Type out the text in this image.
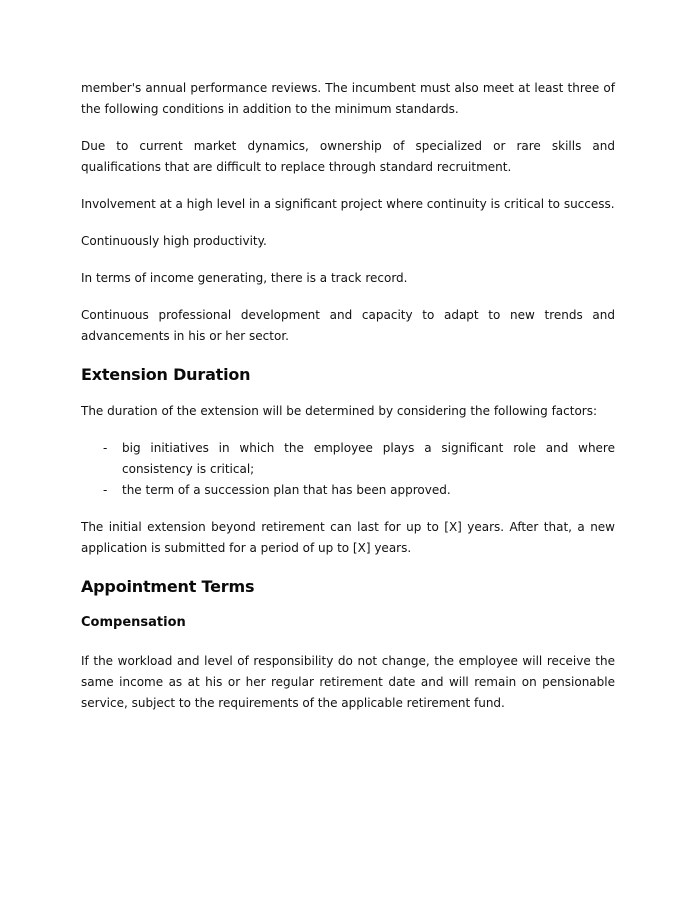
member's annual performance reviews. The incumbent must also meet at least three of the following conditions in addition to the minimum standards.

Due to current market dynamics, ownership of specialized or rare skills and qualifications that are difficult to replace through standard recruitment.

Involvement at a high level in a significant project where continuity is critical to success.

Continuously high productivity.

In terms of income generating, there is a track record.

Continuous professional development and capacity to adapt to new trends and advancements in his or her sector.

Extension Duration

The duration of the extension will be determined by considering the following factors:

-	big initiatives in which the employee plays a significant role and where consistency is critical;
-	the term of a succession plan that has been approved.

The initial extension beyond retirement can last for up to [X] years. After that, a new application is submitted for a period of up to [X] years.

Appointment Terms
Compensation

If the workload and level of responsibility do not change, the employee will receive the same income as at his or her regular retirement date and will remain on pensionable service, subject to the requirements of the applicable retirement fund.
